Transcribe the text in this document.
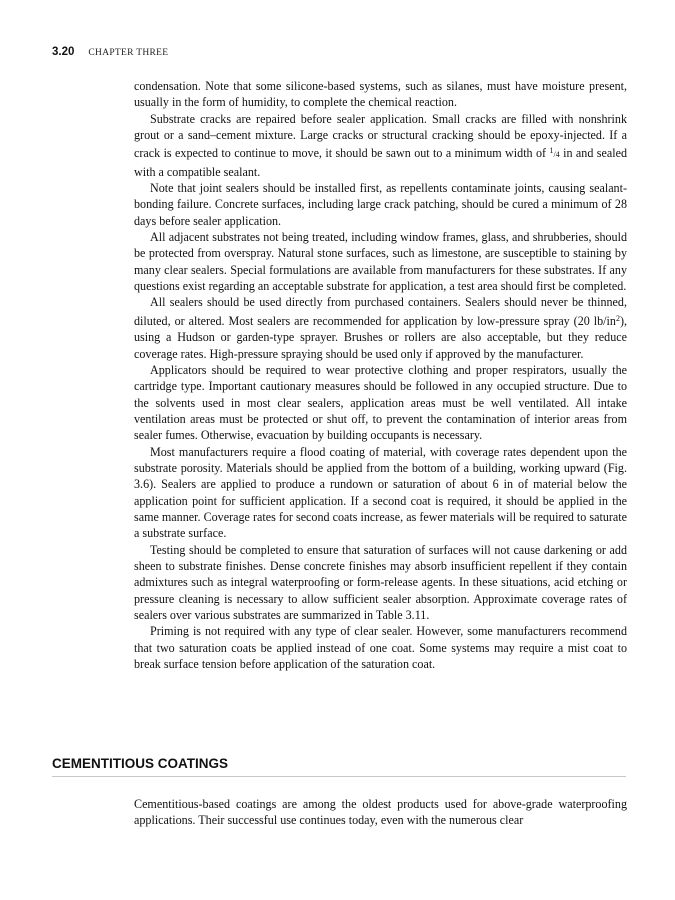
3.20 CHAPTER THREE

condensation. Note that some silicone-based systems, such as silanes, must have moisture present, usually in the form of humidity, to complete the chemical reaction.

Substrate cracks are repaired before sealer application. Small cracks are filled with nonshrink grout or a sand–cement mixture. Large cracks or structural cracking should be epoxy-injected. If a crack is expected to continue to move, it should be sawn out to a minimum width of 1/4 in and sealed with a compatible sealant.

Note that joint sealers should be installed first, as repellents contaminate joints, causing sealant-bonding failure. Concrete surfaces, including large crack patching, should be cured a minimum of 28 days before sealer application.

All adjacent substrates not being treated, including window frames, glass, and shrubberies, should be protected from overspray. Natural stone surfaces, such as limestone, are susceptible to staining by many clear sealers. Special formulations are available from manufacturers for these substrates. If any questions exist regarding an acceptable substrate for application, a test area should first be completed.

All sealers should be used directly from purchased containers. Sealers should never be thinned, diluted, or altered. Most sealers are recommended for application by low-pressure spray (20 $lb/in^2$), using a Hudson or garden-type sprayer. Brushes or rollers are also acceptable, but they reduce coverage rates. High-pressure spraying should be used only if approved by the manufacturer.

Applicators should be required to wear protective clothing and proper respirators, usually the cartridge type. Important cautionary measures should be followed in any occupied structure. Due to the solvents used in most clear sealers, application areas must be well ventilated. All intake ventilation areas must be protected or shut off, to prevent the contamination of interior areas from sealer fumes. Otherwise, evacuation by building occupants is necessary.

Most manufacturers require a flood coating of material, with coverage rates dependent upon the substrate porosity. Materials should be applied from the bottom of a building, working upward (Fig. 3.6). Sealers are applied to produce a rundown or saturation of about 6 in of material below the application point for sufficient application. If a second coat is required, it should be applied in the same manner. Coverage rates for second coats increase, as fewer materials will be required to saturate a substrate surface.

Testing should be completed to ensure that saturation of surfaces will not cause darkening or add sheen to substrate finishes. Dense concrete finishes may absorb insufficient repellent if they contain admixtures such as integral waterproofing or form-release agents. In these situations, acid etching or pressure cleaning is necessary to allow sufficient sealer absorption. Approximate coverage rates of sealers over various substrates are summarized in Table 3.11.

Priming is not required with any type of clear sealer. However, some manufacturers recommend that two saturation coats be applied instead of one coat. Some systems may require a mist coat to break surface tension before application of the saturation coat.

CEMENTITIOUS COATINGS

Cementitious-based coatings are among the oldest products used for above-grade waterproofing applications. Their successful use continues today, even with the numerous clear
